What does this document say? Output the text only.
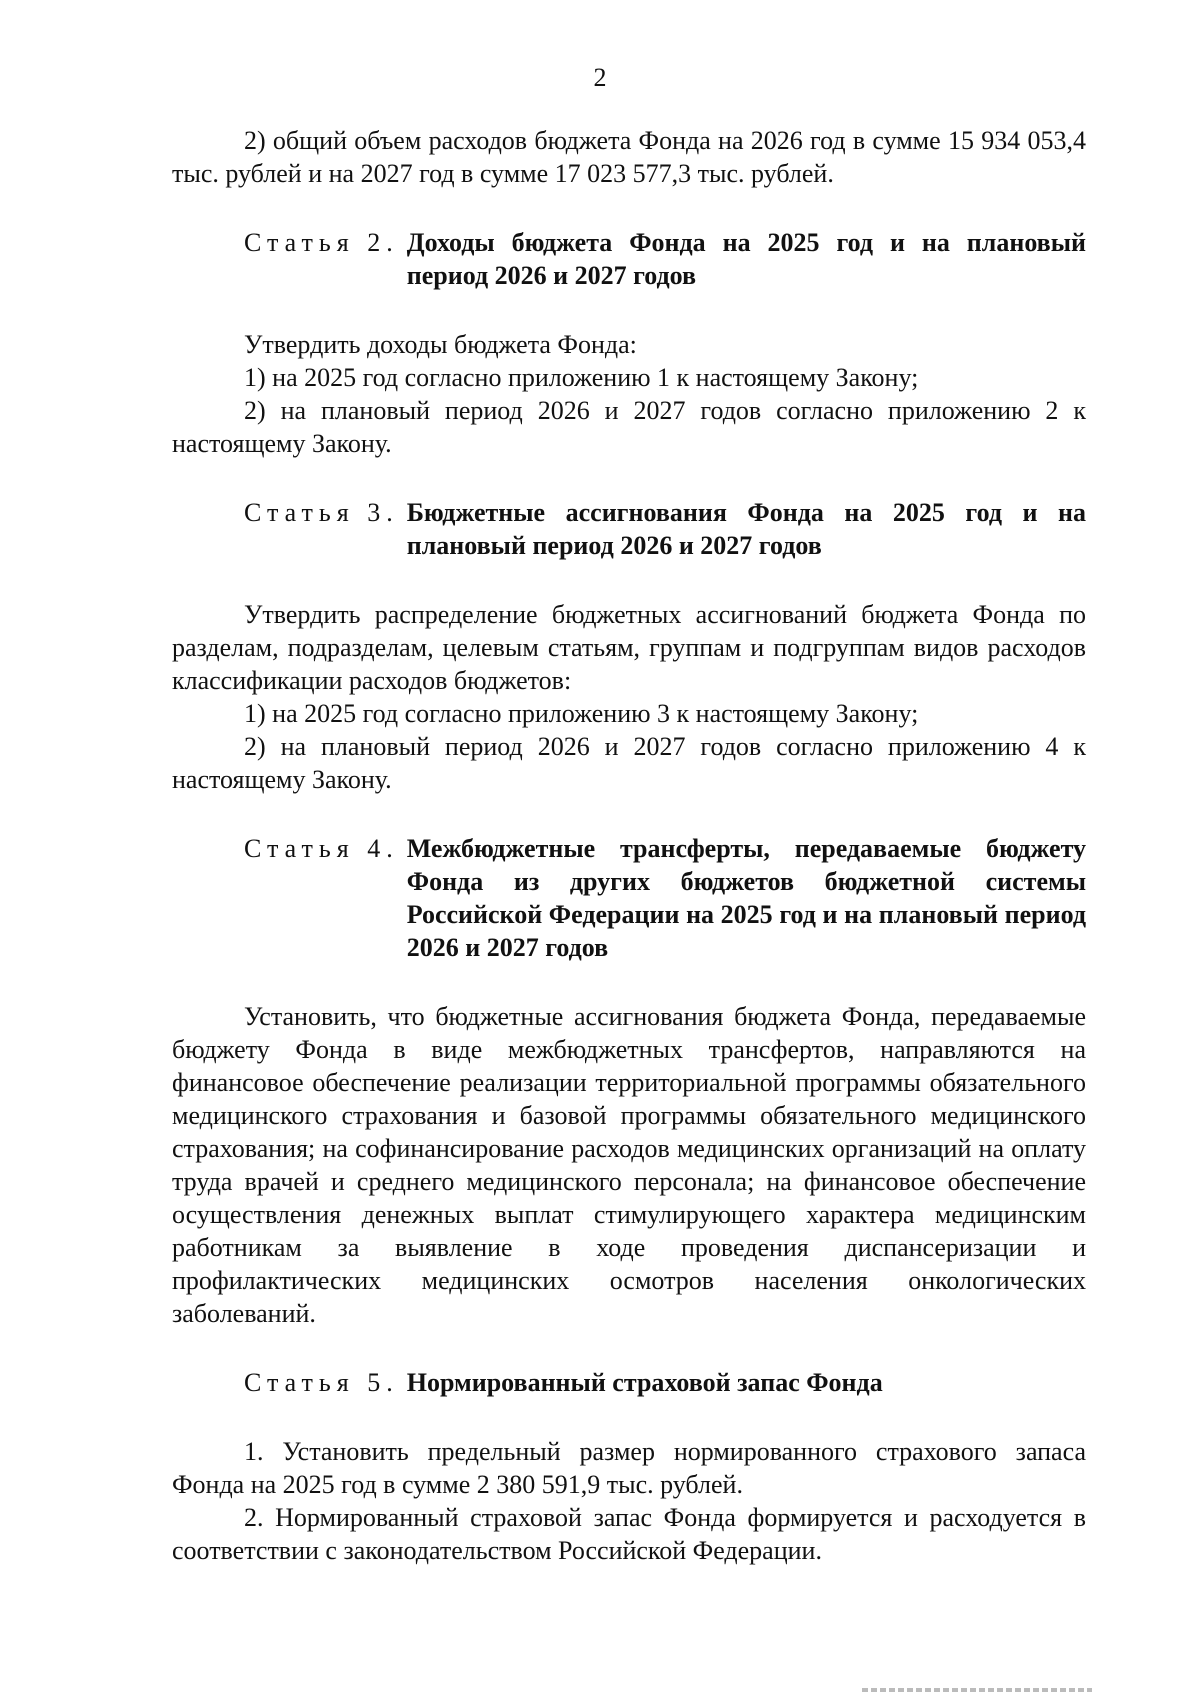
2

2) общий объем расходов бюджета Фонда на 2026 год в сумме 15 934 053,4 тыс. рублей и на 2027 год в сумме 17 023 577,3 тыс. рублей.

Статья 2. Доходы бюджета Фонда на 2025 год и на плановый период 2026 и 2027 годов

Утвердить доходы бюджета Фонда:

1) на 2025 год согласно приложению 1 к настоящему Закону;

2) на плановый период 2026 и 2027 годов согласно приложению 2 к настоящему Закону.

Статья 3. Бюджетные ассигнования Фонда на 2025 год и на плановый период 2026 и 2027 годов

Утвердить распределение бюджетных ассигнований бюджета Фонда по разделам, подразделам, целевым статьям, группам и подгруппам видов расходов классификации расходов бюджетов:

1) на 2025 год согласно приложению 3 к настоящему Закону;

2) на плановый период 2026 и 2027 годов согласно приложению 4 к настоящему Закону.

Статья 4. Межбюджетные трансферты, передаваемые бюджету Фонда из других бюджетов бюджетной системы Российской Федерации на 2025 год и на плановый период 2026 и 2027 годов

Установить, что бюджетные ассигнования бюджета Фонда, передаваемые бюджету Фонда в виде межбюджетных трансфертов, направляются на финансовое обеспечение реализации территориальной программы обязательного медицинского страхования и базовой программы обязательного медицинского страхования; на софинансирование расходов медицинских организаций на оплату труда врачей и среднего медицинского персонала; на финансовое обеспечение осуществления денежных выплат стимулирующего характера медицинским работникам за выявление в ходе проведения диспансеризации и профилактических медицинских осмотров населения онкологических заболеваний.

Статья 5. Нормированный страховой запас Фонда

1. Установить предельный размер нормированного страхового запаса Фонда на 2025 год в сумме 2 380 591,9 тыс. рублей.

2. Нормированный страховой запас Фонда формируется и расходуется в соответствии с законодательством Российской Федерации.
